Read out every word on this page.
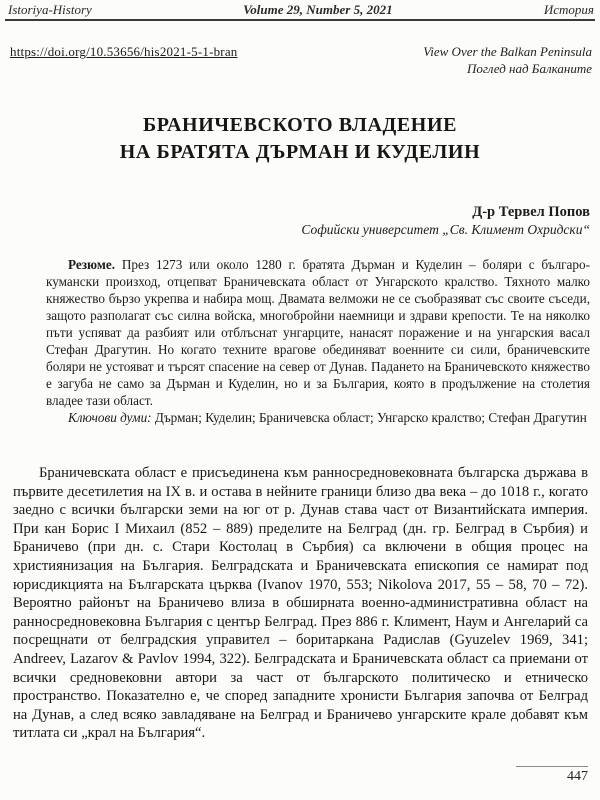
Istoriya-History	Volume 29, Number 5, 2021	История
https://doi.org/10.53656/his2021-5-1-bran	View Over the Balkan Peninsula
Поглед над Балканите
БРАНИЧЕВСКОТО ВЛАДЕНИЕ
НА БРАТЯТА ДЪРМАН И КУДЕЛИН
Д-р Тервел Попов
Софийски университет „Св. Климент Охридски“

Резюме. През 1273 или около 1280 г. братята Дърман и Куделин – боляри с българо-кумански произход, отцепват Браничевската област от Унгарското кралство. Тяхното малко княжество бързо укрепва и набира мощ. Двамата велможи не се съобразяват със своите съседи, защото разполагат със силна войска, многобройни наемници и здрави крепости. Те на няколко пъти успяват да разбият или отблъснат унгарците, нанасят поражение и на унгарския васал Стефан Драгутин. Но когато техните врагове обединяват военните си сили, браничевските боляри не устояват и търсят спасение на север от Дунав. Падането на Браничевското княжество е загуба не само за Дърман и Куделин, но и за България, която в продължение на столетия владее тази област.

Ключови думи: Дърман; Куделин; Браничевска област; Унгарско кралство; Стефан Драгутин

Браничевската област е присъединена към ранносредновековната българска държава в първите десетилетия на IX в. и остава в нейните граници близо два века – до 1018 г., когато заедно с всички български земи на юг от р. Дунав става част от Византийската империя. При кан Борис I Михаил (852 – 889) пределите на Белград (дн. гр. Белград в Сърбия) и Браничево (при дн. с. Стари Костолац в Сърбия) са включени в общия процес на християнизация на България. Белградската и Браничевската епископия се намират под юрисдикцията на Българската църква (Ivanov 1970, 553; Nikolova 2017, 55 – 58, 70 – 72). Вероятно районът на Браничево влиза в обширната военно-административна област на ранносредновековна България с център Белград. През 886 г. Климент, Наум и Ангеларий са посрещнати от белградския управител – боритаркана Радислав (Gyuzelev 1969, 341; Andreev, Lazarov & Pavlov 1994, 322). Белградската и Браничевската област са приемани от всички средновековни автори за част от българското политическо и етническо пространство. Показателно е, че според западните хронисти България започва от Белград на Дунав, а след всяко завладяване на Белград и Браничево унгарските крале добавят към титлата си „крал на България“.

447
